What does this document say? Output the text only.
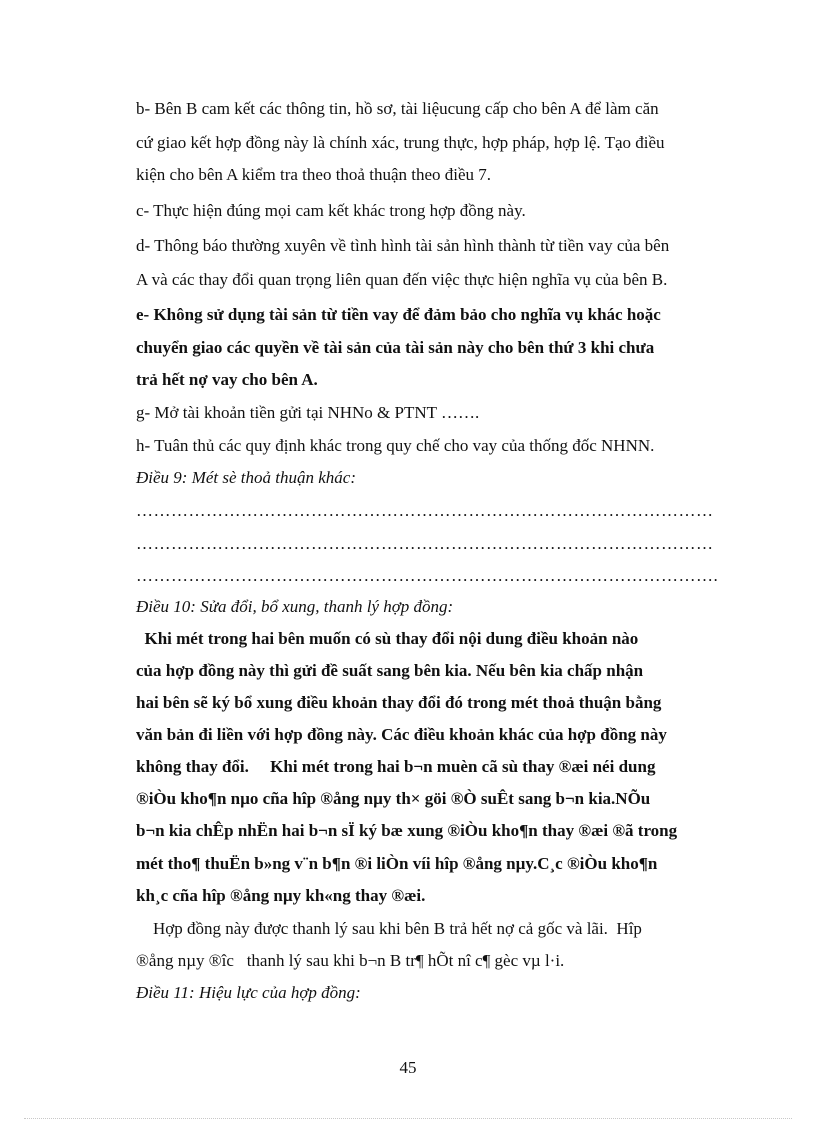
b- Bên B cam kết các thông tin, hồ sơ, tài liệucung cấp cho bên A để làm căn
cứ giao kết hợp đồng này là chính xác, trung thực, hợp pháp, hợp lệ. Tạo điều
kiện cho bên A kiểm tra theo thoả thuận theo điều 7.
c- Thực hiện đúng mọi cam kết khác trong hợp đồng này.
d- Thông báo thường xuyên về tình hình tài sản hình thành từ tiền vay của bên
A và các thay đổi quan trọng liên quan đến việc thực hiện nghĩa vụ của bên B.
e- Không sử dụng tài sản từ tiền vay để đảm bảo cho nghĩa vụ khác hoặc
chuyển giao các quyền về tài sản của tài sản này cho bên thứ 3 khi chưa
trả hết nợ vay cho bên A.
g- Mở tài khoản tiền gửi tại NHNo & PTNT …….
h- Tuân thủ các quy định khác trong quy chế cho vay của thống đốc NHNN.
Điều 9: Mét sè thoả thuận khác:
………………………………………………………………………………………
………………………………………………………………………………………
……………………………………………………………………………………….
Điều 10: Sửa đổi, bổ xung, thanh lý hợp đồng:
Khi mét trong hai bên muốn có sù thay đổi nội dung điều khoản nào
của hợp đồng này thì gửi đề suất sang bên kia. Nếu bên kia chấp nhận
hai bên sẽ ký bổ xung điều khoản thay đổi đó trong mét thoả thuận bằng
văn bản đi liền với hợp đồng này. Các điều khoản khác của hợp đồng này
không thay đổi.     Khi mét trong hai b¬n muèn cã sù thay ®æi néi dung
®iÒu kho¶n nµo cña hîp ®ång nµy th× göi ®Ò suÊt sang b¬n kia.NÕu
b¬n kia chÊp nhËn hai b¬n sÏ ký bæ xung ®iÒu kho¶n thay ®æi ®ã trong
mét tho¶ thuËn b»ng v¨n b¶n ®i liÒn víi hîp ®ång nµy.C¸c ®iÒu kho¶n
kh¸c cña hîp ®ång nµy kh«ng thay ®æi.
Hợp đồng này được thanh lý sau khi bên B trả hết nợ cả gốc và lãi.  Hîp
®ång nµy ®îc   thanh lý sau khi b¬n B tr¶ hÕt nî c¶ gèc vµ l·i.
Điều 11: Hiệu lực của hợp đồng:
45
